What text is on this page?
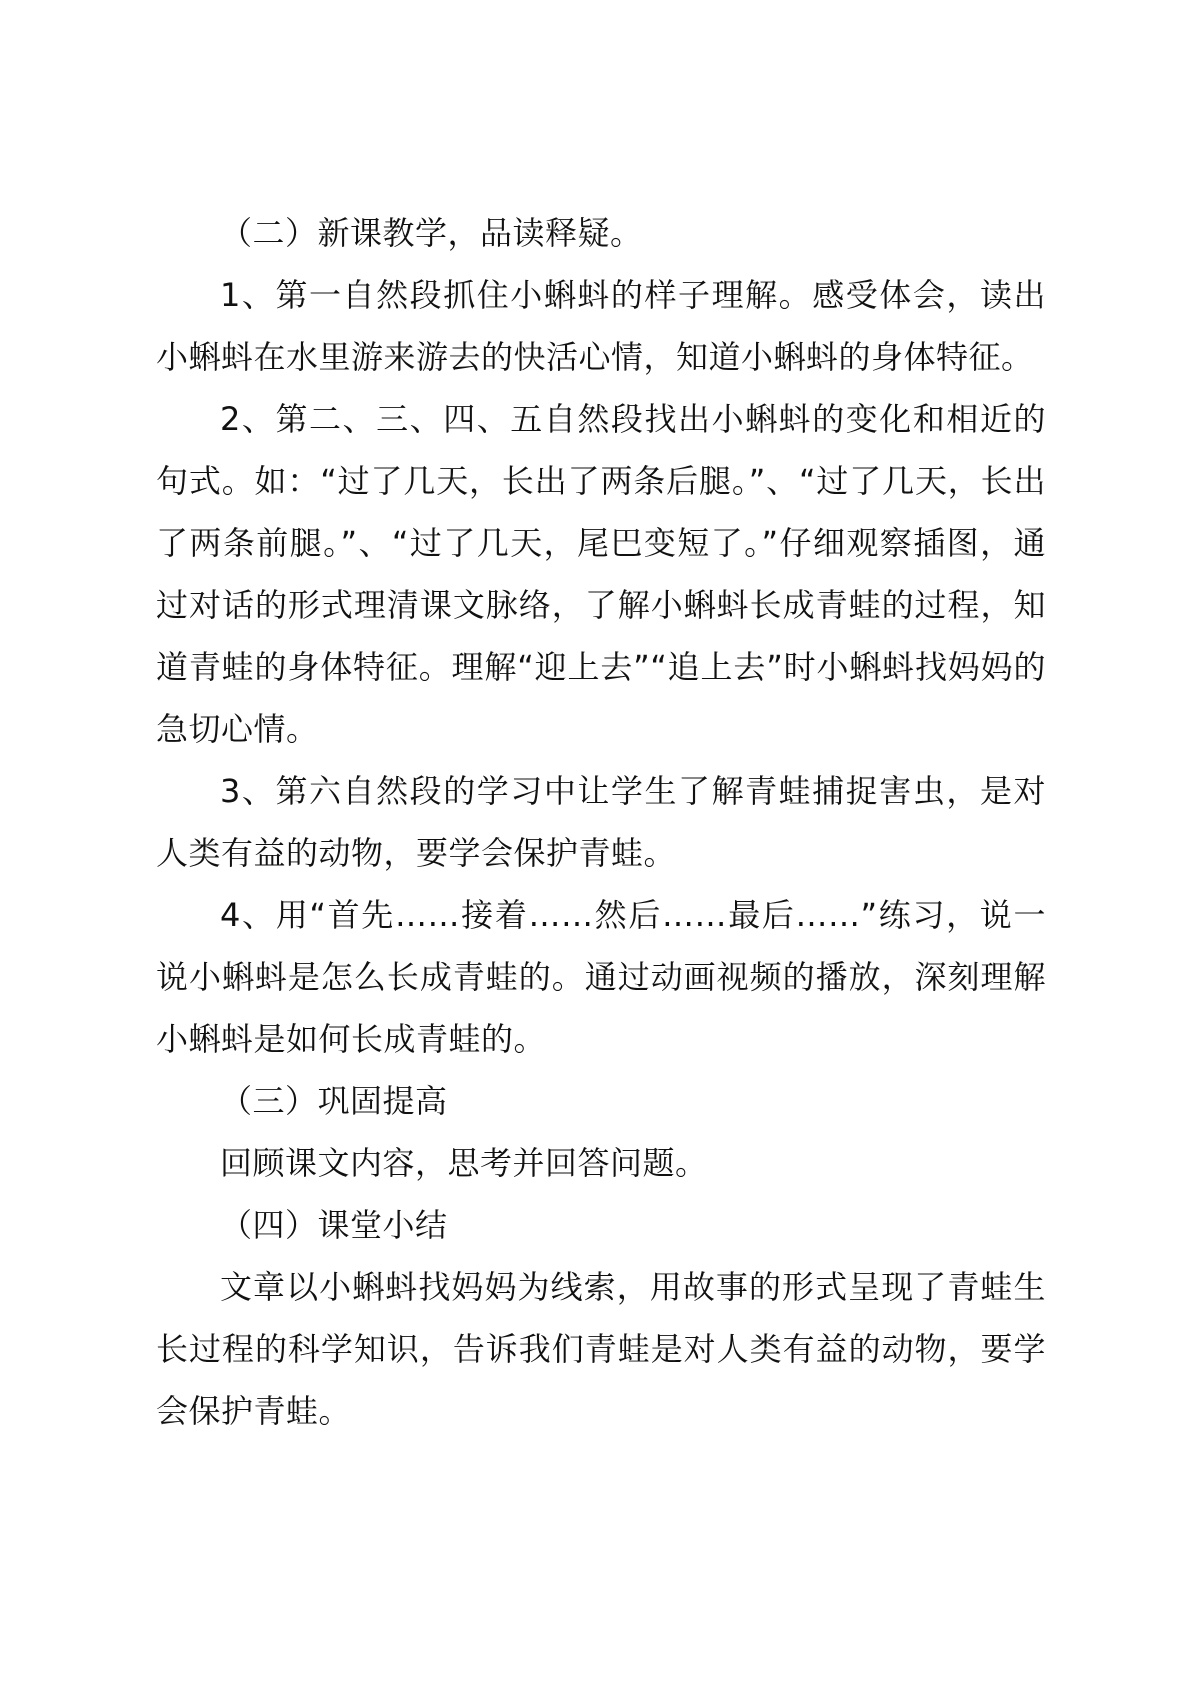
（二）新课教学，品读释疑。

1、第一自然段抓住小蝌蚪的样子理解。感受体会，读出小蝌蚪在水里游来游去的快活心情，知道小蝌蚪的身体特征。

2、第二、三、四、五自然段找出小蝌蚪的变化和相近的句式。如：“过了几天，长出了两条后腿。”、“过了几天，长出了两条前腿。”、“过了几天，尾巴变短了。”仔细观察插图，通过对话的形式理清课文脉络，了解小蝌蚪长成青蛙的过程，知道青蛙的身体特征。理解“迎上去”“追上去”时小蝌蚪找妈妈的急切心情。

3、第六自然段的学习中让学生了解青蛙捕捉害虫，是对人类有益的动物，要学会保护青蛙。

4、用“首先……接着……然后……最后……”练习，说一说小蝌蚪是怎么长成青蛙的。通过动画视频的播放，深刻理解小蝌蚪是如何长成青蛙的。

（三）巩固提高

回顾课文内容，思考并回答问题。

（四）课堂小结

文章以小蝌蚪找妈妈为线索，用故事的形式呈现了青蛙生长过程的科学知识，告诉我们青蛙是对人类有益的动物，要学会保护青蛙。
